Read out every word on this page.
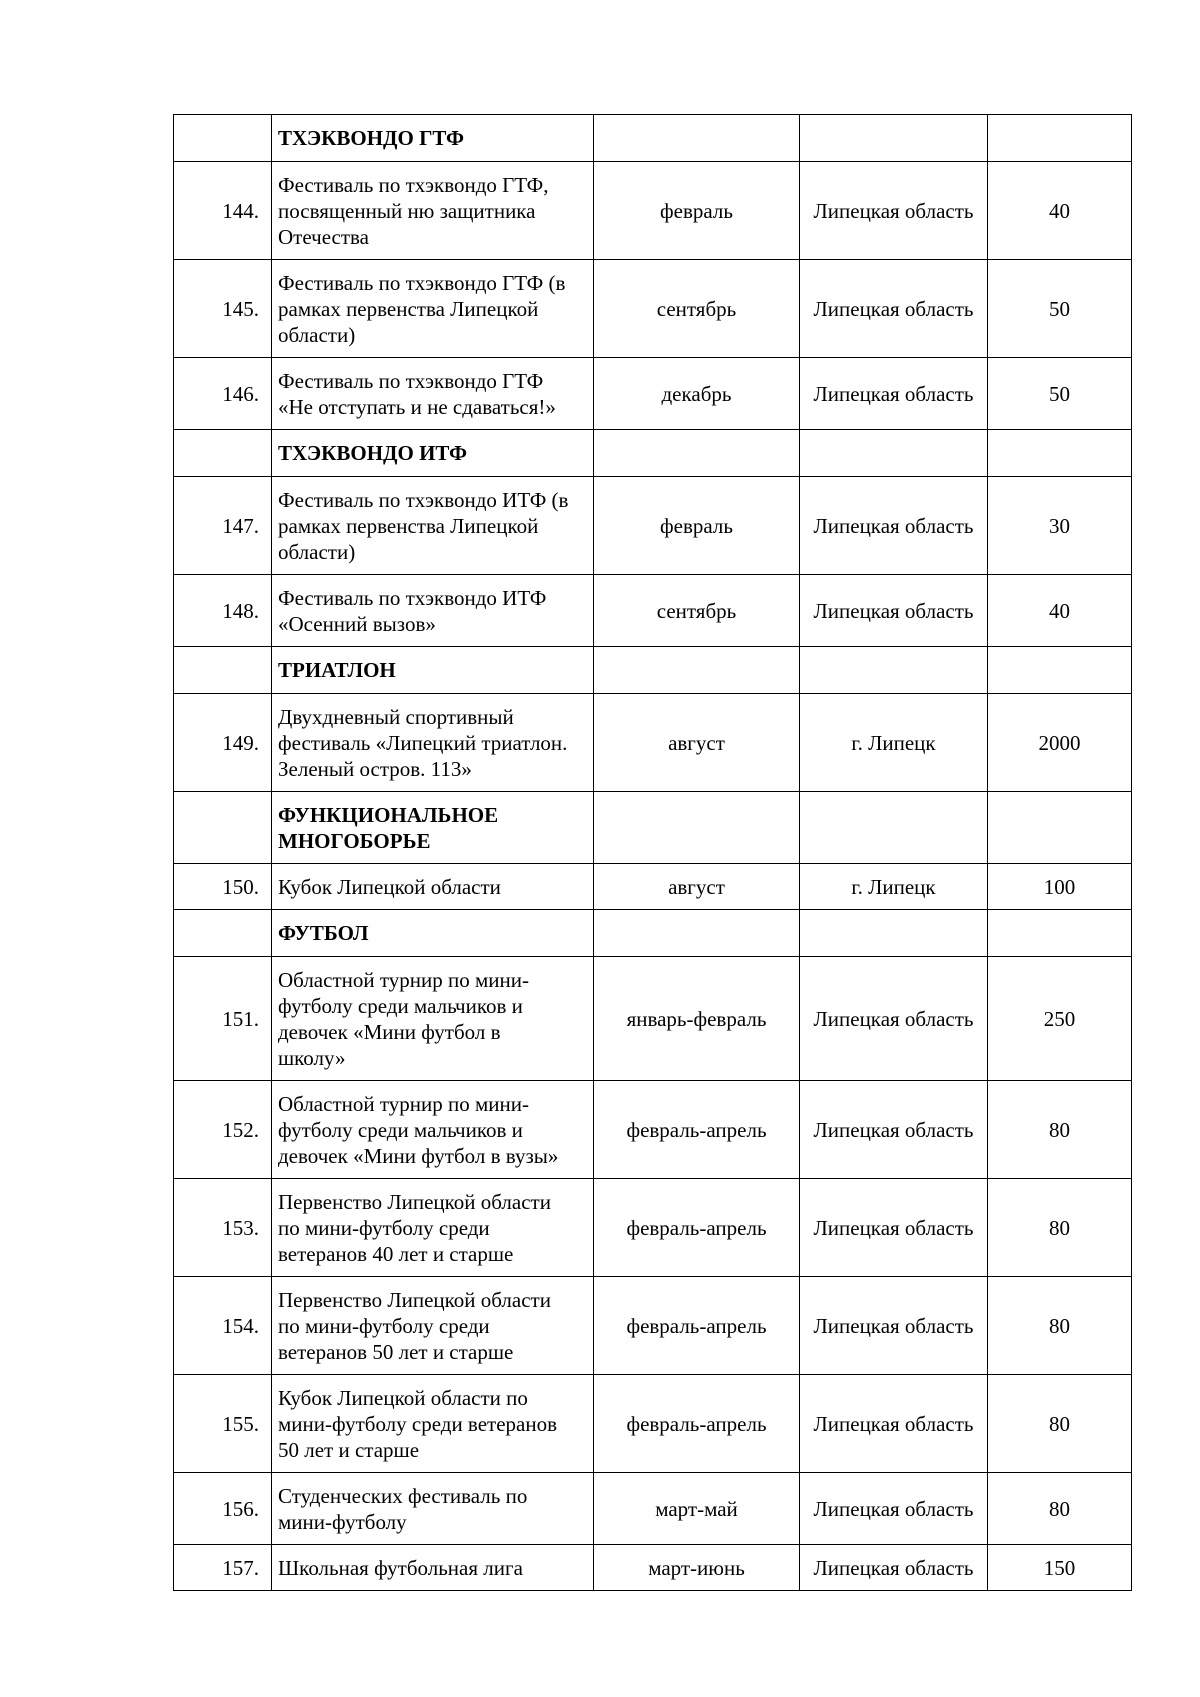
	ТХЭКВОНДО ГТФ			

144.	Фестиваль по тхэквондо ГТФ,
посвященный ню защитника
Отечества	февраль	Липецкая область	40
145.	Фестиваль по тхэквондо ГТФ (в
рамках первенства Липецкой
области)	сентябрь	Липецкая область	50
146.	Фестиваль по тхэквондо ГТФ
«Не отступать и не сдаваться!»	декабрь	Липецкая область	50

	ТХЭКВОНДО ИТФ			

147.	Фестиваль по тхэквондо ИТФ (в
рамках первенства Липецкой
области)	февраль	Липецкая область	30
148.	Фестиваль по тхэквондо ИТФ
«Осенний вызов»	сентябрь	Липецкая область	40

	ТРИАТЛОН			

149.	Двухдневный спортивный
фестиваль «Липецкий триатлон.
Зеленый остров. 113»	август	г. Липецк	2000

	ФУНКЦИОНАЛЬНОЕ
МНОГОБОРЬЕ			

150.	Кубок Липецкой области	август	г. Липецк	100

	ФУТБОЛ			

151.	Областной турнир по мини-
футболу среди мальчиков и
девочек «Мини футбол в
школу»	январь-февраль	Липецкая область	250
152.	Областной турнир по мини-
футболу среди мальчиков и
девочек «Мини футбол в вузы»	февраль-апрель	Липецкая область	80
153.	Первенство Липецкой области
по мини-футболу среди
ветеранов 40 лет и старше	февраль-апрель	Липецкая область	80
154.	Первенство Липецкой области
по мини-футболу среди
ветеранов 50 лет и старше	февраль-апрель	Липецкая область	80
155.	Кубок Липецкой области по
мини-футболу среди ветеранов
50 лет и старше	февраль-апрель	Липецкая область	80
156.	Студенческих фестиваль по
мини-футболу	март-май	Липецкая область	80
157.	Школьная футбольная лига	март-июнь	Липецкая область	150
